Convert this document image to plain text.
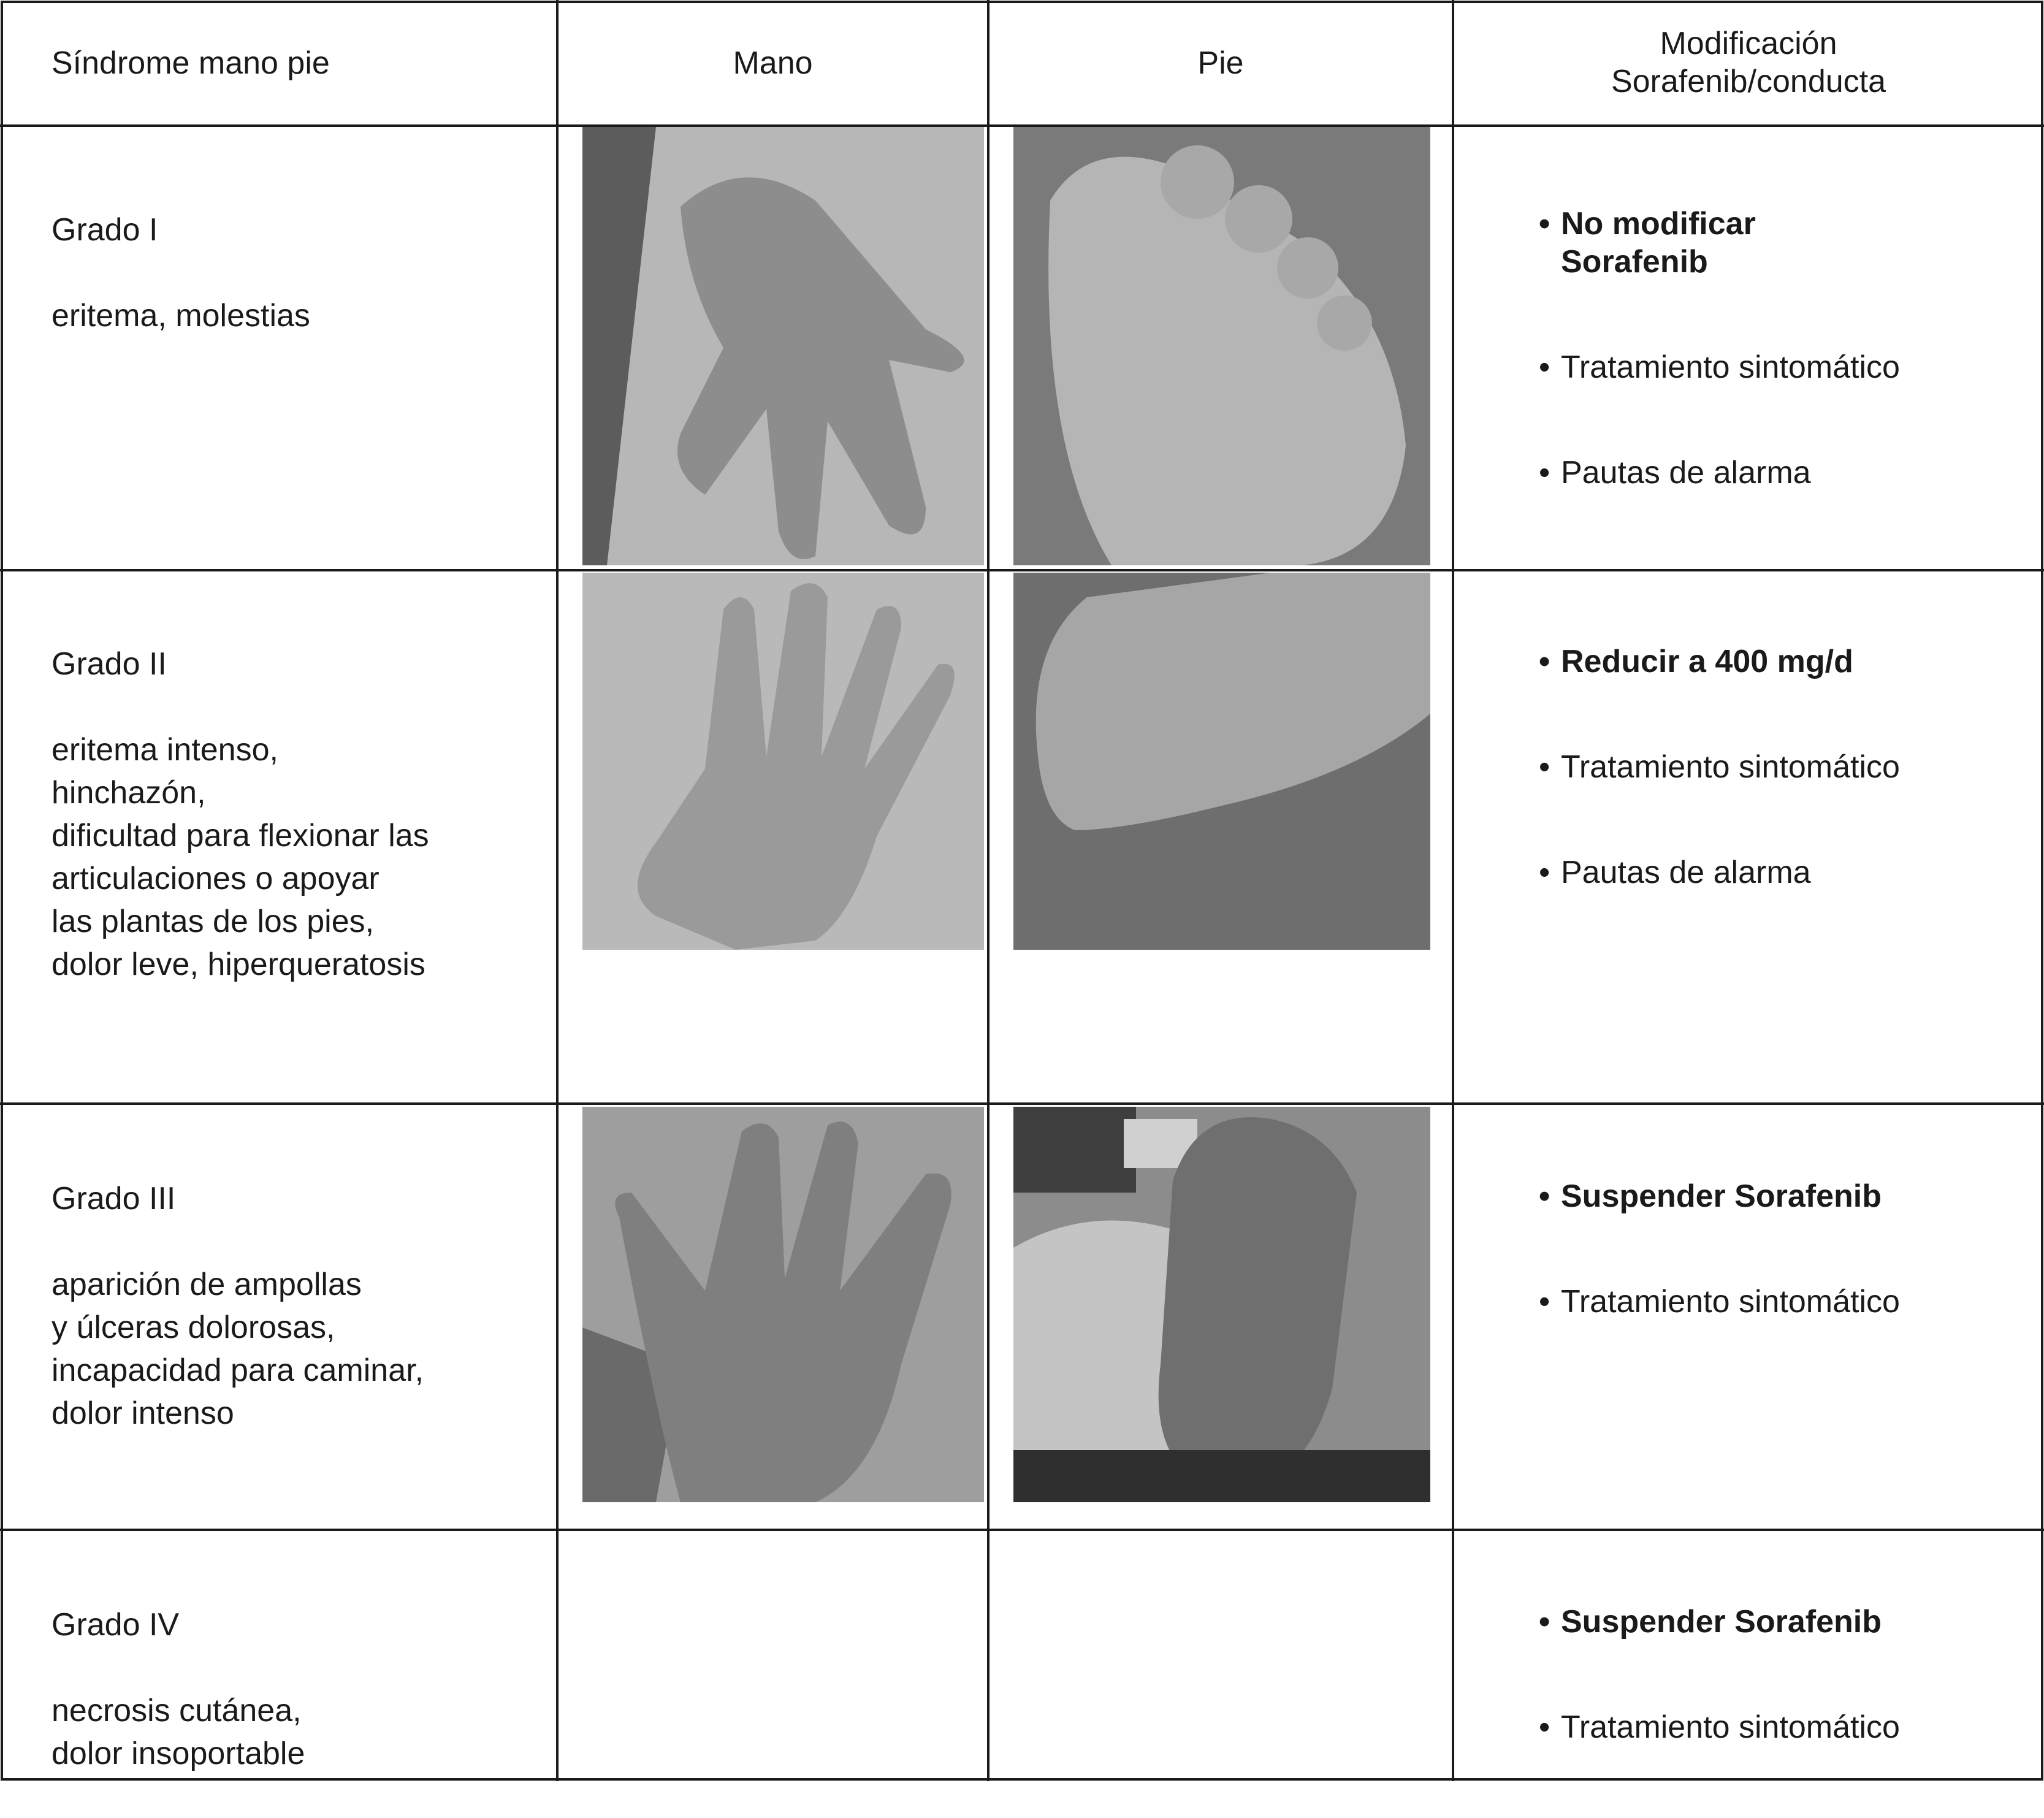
Síndrome mano pie	Mano	Pie
Modificación
Sorafenib/conducta

Grado I

eritema, molestias

• No modificar
Sorafenib

• Tratamiento sintomático

• Pautas de alarma

Grado II

eritema intenso,
hinchazón,
dificultad para flexionar las
articulaciones o apoyar
las plantas de los pies,
dolor leve, hiperqueratosis

• Reducir a 400 mg/d

• Tratamiento sintomático

• Pautas de alarma

Grado III

aparición de ampollas
y úlceras dolorosas,
incapacidad para caminar,
dolor intenso

• Suspender Sorafenib

• Tratamiento sintomático

Grado IV

necrosis cutánea,
dolor insoportable

• Suspender Sorafenib

• Tratamiento sintomático
